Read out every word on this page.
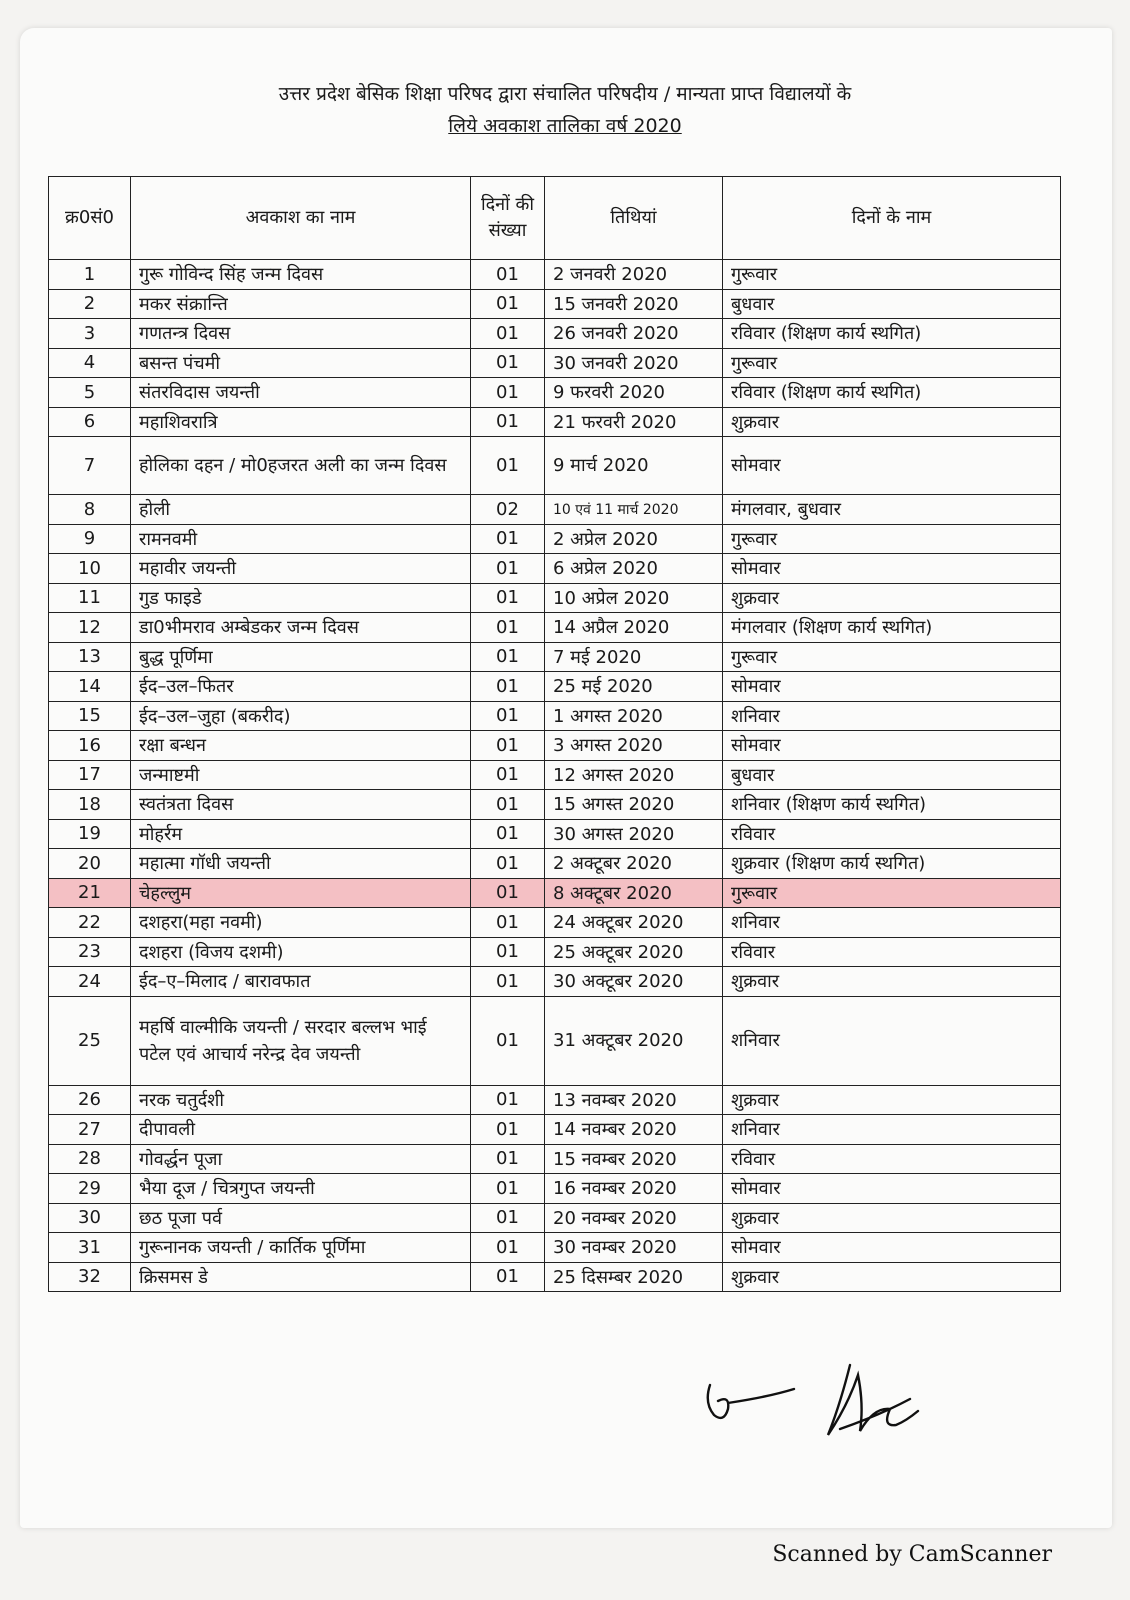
उत्तर प्रदेश बेसिक शिक्षा परिषद द्वारा संचालित परिषदीय / मान्यता प्राप्त विद्यालयों के
लिये अवकाश तालिका वर्ष 2020
क्र0सं0	अवकाश का नाम	दिनों की संख्या	तिथियां	दिनों के नाम
1	गुरू गोविन्द सिंह जन्म दिवस	01	2 जनवरी 2020	गुरूवार
2	मकर संक्रान्ति	01	15 जनवरी 2020	बुधवार
3	गणतन्त्र दिवस	01	26 जनवरी 2020	रविवार (शिक्षण कार्य स्थगित)
4	बसन्त पंचमी	01	30 जनवरी 2020	गुरूवार
5	संतरविदास जयन्ती	01	9 फरवरी 2020	रविवार (शिक्षण कार्य स्थगित)
6	महाशिवरात्रि	01	21 फरवरी 2020	शुक्रवार
7	होलिका दहन / मो0हजरत अली का जन्म दिवस	01	9 मार्च 2020	सोमवार
8	होली	02	10 एवं 11 मार्च 2020	मंगलवार, बुधवार
9	रामनवमी	01	2 अप्रेल 2020	गुरूवार
10	महावीर जयन्ती	01	6 अप्रेल 2020	सोमवार
11	गुड फाइडे	01	10 अप्रेल 2020	शुक्रवार
12	डा0भीमराव अम्बेडकर जन्म दिवस	01	14 अप्रैल 2020	मंगलवार (शिक्षण कार्य स्थगित)
13	बुद्ध पूर्णिमा	01	7 मई 2020	गुरूवार
14	ईद–उल–फितर	01	25 मई 2020	सोमवार
15	ईद–उल–जुहा (बकरीद)	01	1 अगस्त 2020	शनिवार
16	रक्षा बन्धन	01	3 अगस्त 2020	सोमवार
17	जन्माष्टमी	01	12 अगस्त 2020	बुधवार
18	स्वतंत्रता दिवस	01	15 अगस्त 2020	शनिवार (शिक्षण कार्य स्थगित)
19	मोहर्रम	01	30 अगस्त 2020	रविवार
20	महात्मा गॉधी जयन्ती	01	2 अक्टूबर 2020	शुक्रवार (शिक्षण कार्य स्थगित)
21	चेहल्लुम	01	8 अक्टूबर 2020	गुरूवार
22	दशहरा(महा नवमी)	01	24 अक्टूबर 2020	शनिवार
23	दशहरा (विजय दशमी)	01	25 अक्टूबर 2020	रविवार
24	ईद–ए–मिलाद / बारावफात	01	30 अक्टूबर 2020	शुक्रवार
25	महर्षि वाल्मीकि जयन्ती / सरदार बल्लभ भाई पटेल एवं आचार्य नरेन्द्र देव जयन्ती	01	31 अक्टूबर 2020	शनिवार
26	नरक चतुर्दशी	01	13 नवम्बर 2020	शुक्रवार
27	दीपावली	01	14 नवम्बर 2020	शनिवार
28	गोवर्द्धन पूजा	01	15 नवम्बर 2020	रविवार
29	भैया दूज / चित्रगुप्त जयन्ती	01	16 नवम्बर 2020	सोमवार
30	छठ पूजा पर्व	01	20 नवम्बर 2020	शुक्रवार
31	गुरूनानक जयन्ती / कार्तिक पूर्णिमा	01	30 नवम्बर 2020	सोमवार
32	क्रिसमस डे	01	25 दिसम्बर 2020	शुक्रवार
Scanned by CamScanner
